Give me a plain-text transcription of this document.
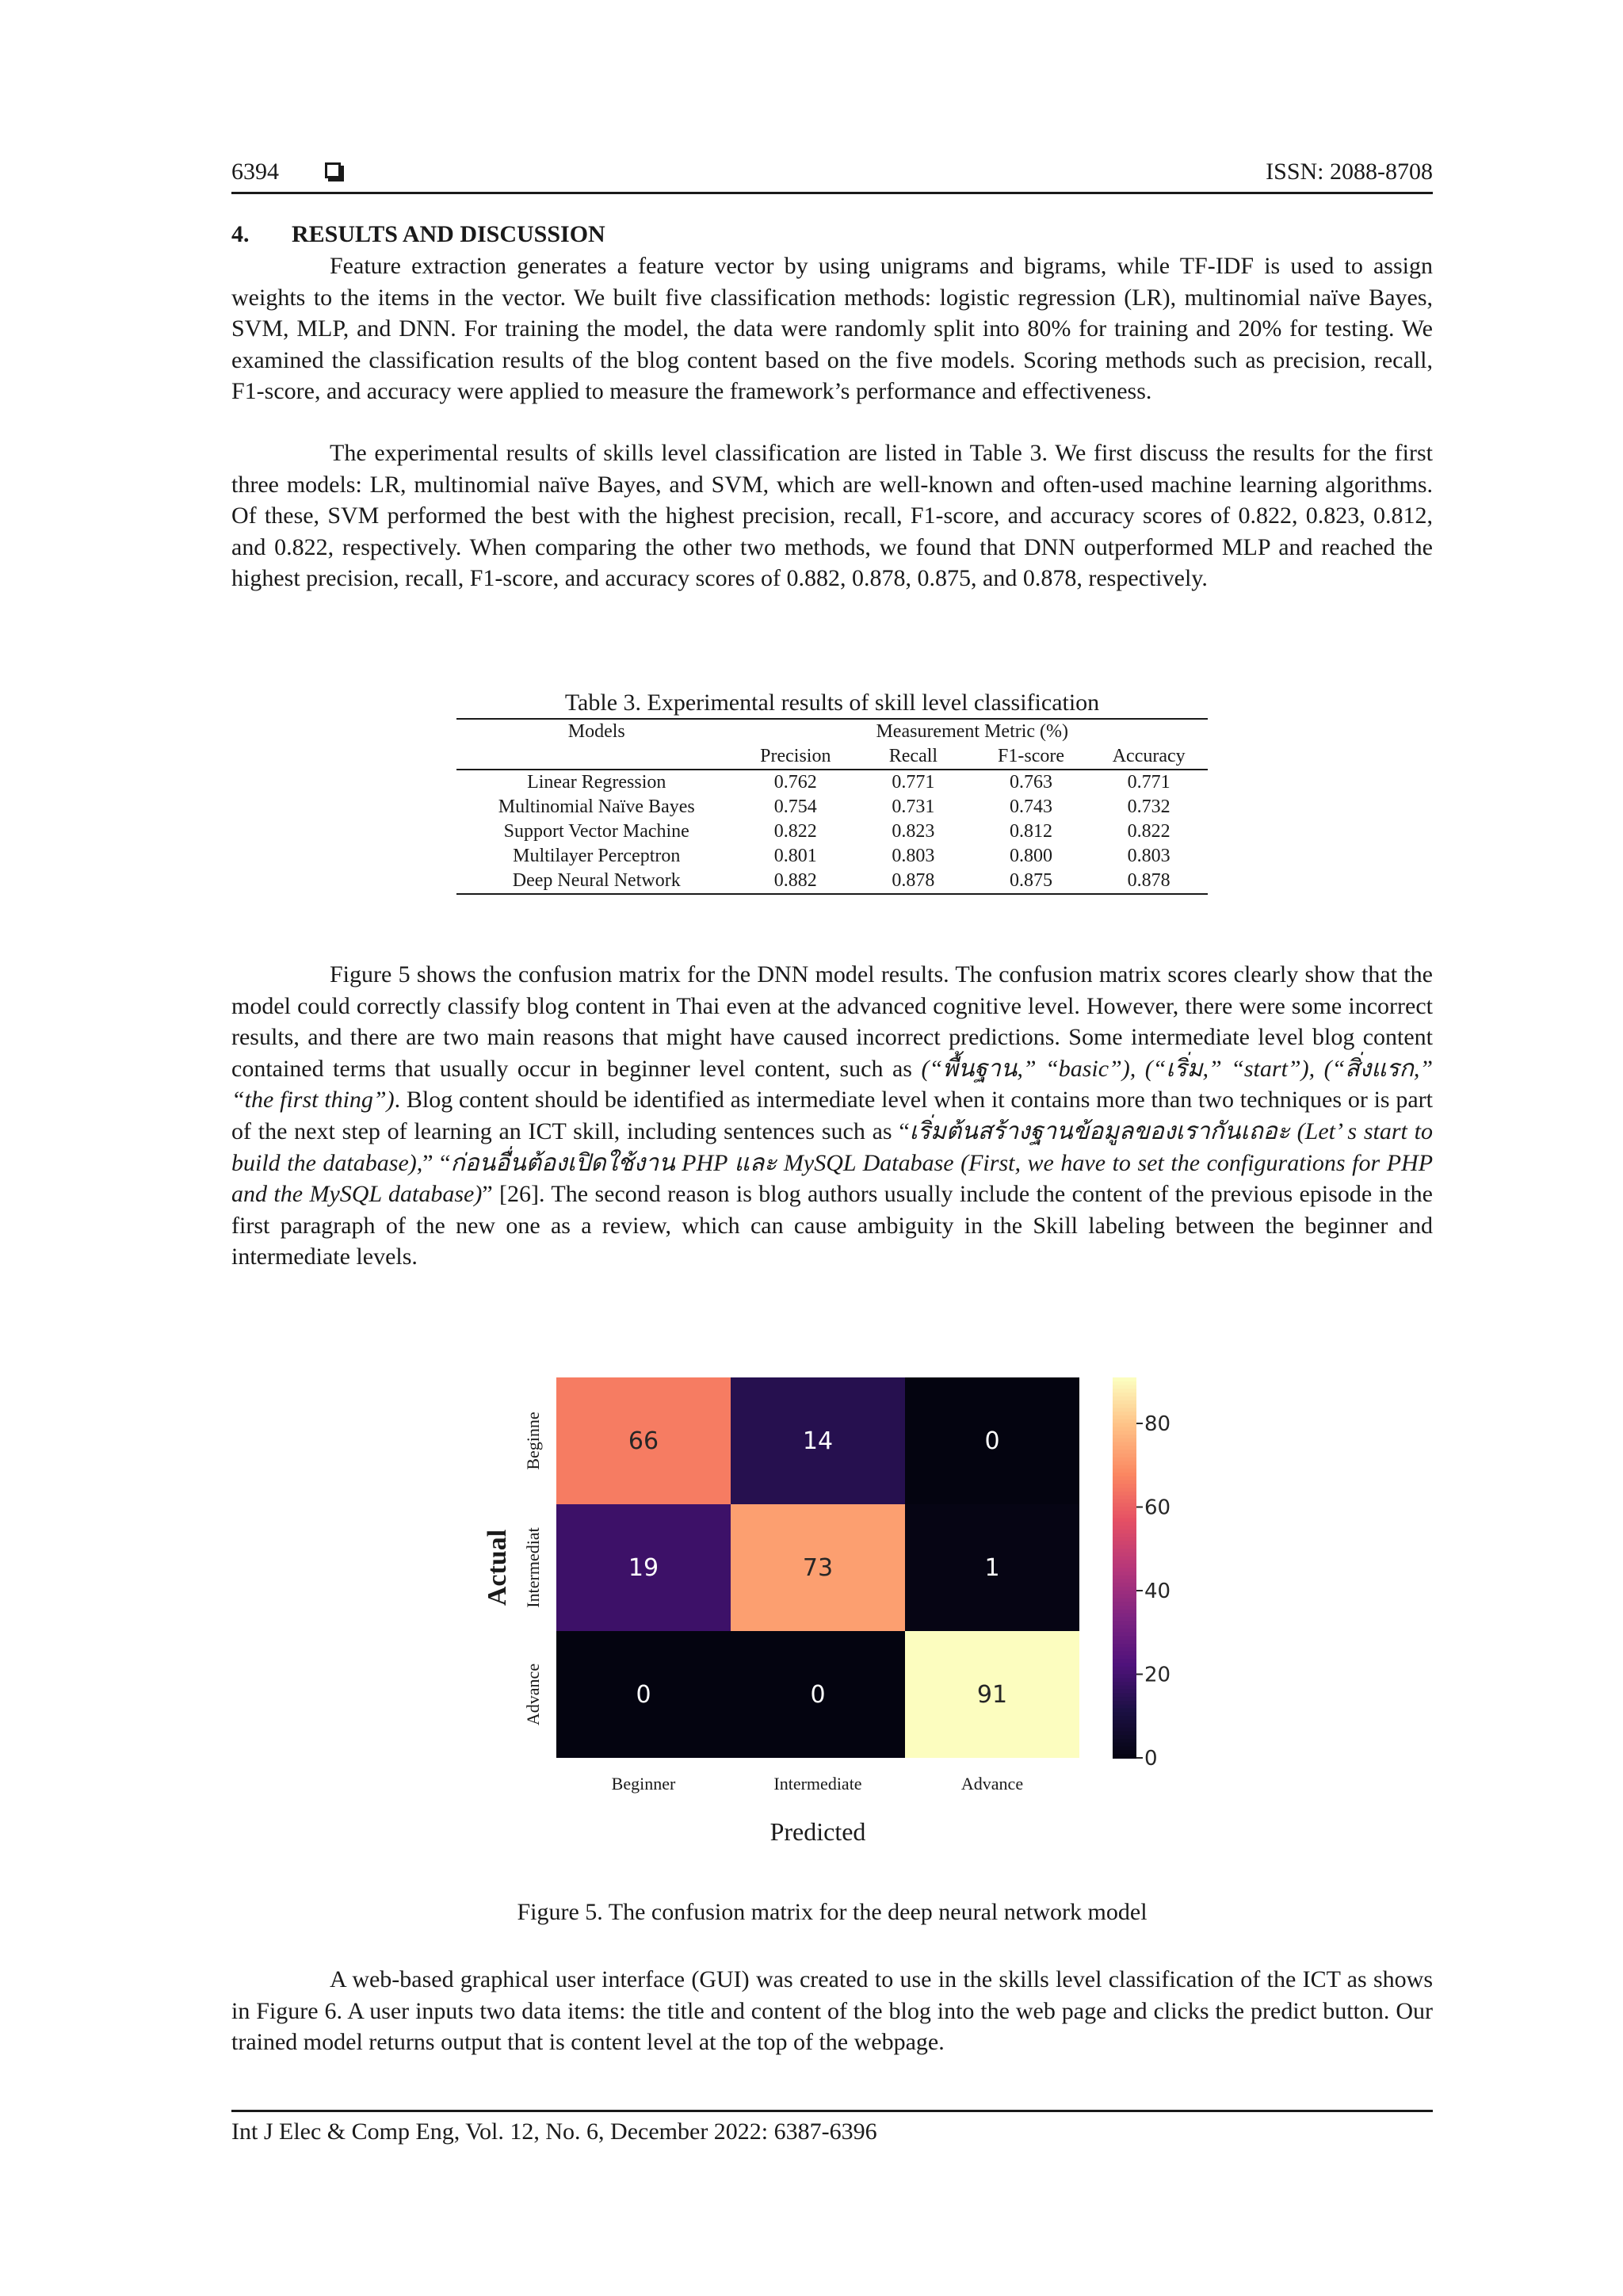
6394	ISSN: 2088-8708
4. RESULTS AND DISCUSSION

Feature extraction generates a feature vector by using unigrams and bigrams, while TF-IDF is used to assign weights to the items in the vector. We built five classification methods: logistic regression (LR), multinomial naïve Bayes, SVM, MLP, and DNN. For training the model, the data were randomly split into 80% for training and 20% for testing. We examined the classification results of the blog content based on the five models. Scoring methods such as precision, recall, F1-score, and accuracy were applied to measure the framework’s performance and effectiveness.

The experimental results of skills level classification are listed in Table 3. We first discuss the results for the first three models: LR, multinomial naïve Bayes, and SVM, which are well-known and often-used machine learning algorithms. Of these, SVM performed the best with the highest precision, recall, F1-score, and accuracy scores of 0.822, 0.823, 0.812, and 0.822, respectively. When comparing the other two methods, we found that DNN outperformed MLP and reached the highest precision, recall, F1-score, and accuracy scores of 0.882, 0.878, 0.875, and 0.878, respectively.

Table 3. Experimental results of skill level classification
Models	Measurement Metric (%)			
	Precision	Recall	F1-score	Accuracy
Linear Regression	0.762	0.771	0.763	0.771
Multinomial Naïve Bayes	0.754	0.731	0.743	0.732
Support Vector Machine	0.822	0.823	0.812	0.822
Multilayer Perceptron	0.801	0.803	0.800	0.803
Deep Neural Network	0.882	0.878	0.875	0.878

Figure 5 shows the confusion matrix for the DNN model results. The confusion matrix scores clearly show that the model could correctly classify blog content in Thai even at the advanced cognitive level. However, there were some incorrect results, and there are two main reasons that might have caused incorrect predictions. Some intermediate level blog content contained terms that usually occur in beginner level content, such as (“พื้นฐาน,” “basic”), (“เริ่ม,” “start”), (“สิ่งแรก,” “the first thing”). Blog content should be identified as intermediate level when it contains more than two techniques or is part of the next step of learning an ICT skill, including sentences such as “เริ่มต้นสร้างฐานข้อมูลของเรากันเถอะ (Let’ s start to build the database),” “ก่อนอื่นต้องเปิดใช้งาน PHP และ MySQL Database (First, we have to set the configurations for PHP and the MySQL database)” [26]. The second reason is blog authors usually include the content of the previous episode in the first paragraph of the new one as a review, which can cause ambiguity in the Skill labeling between the beginner and intermediate levels.

66	14	0
19	73	1
0	0	91
Beginner	Intermediate	Advance
Beginne
Intermediat
Advance
Predicted
Actual
0
20
40
60
80
Figure 5. The confusion matrix for the deep neural network model

A web-based graphical user interface (GUI) was created to use in the skills level classification of the ICT as shows in Figure 6. A user inputs two data items: the title and content of the blog into the web page and clicks the predict button. Our trained model returns output that is content level at the top of the webpage.

Int J Elec & Comp Eng, Vol. 12, No. 6, December 2022: 6387-6396
